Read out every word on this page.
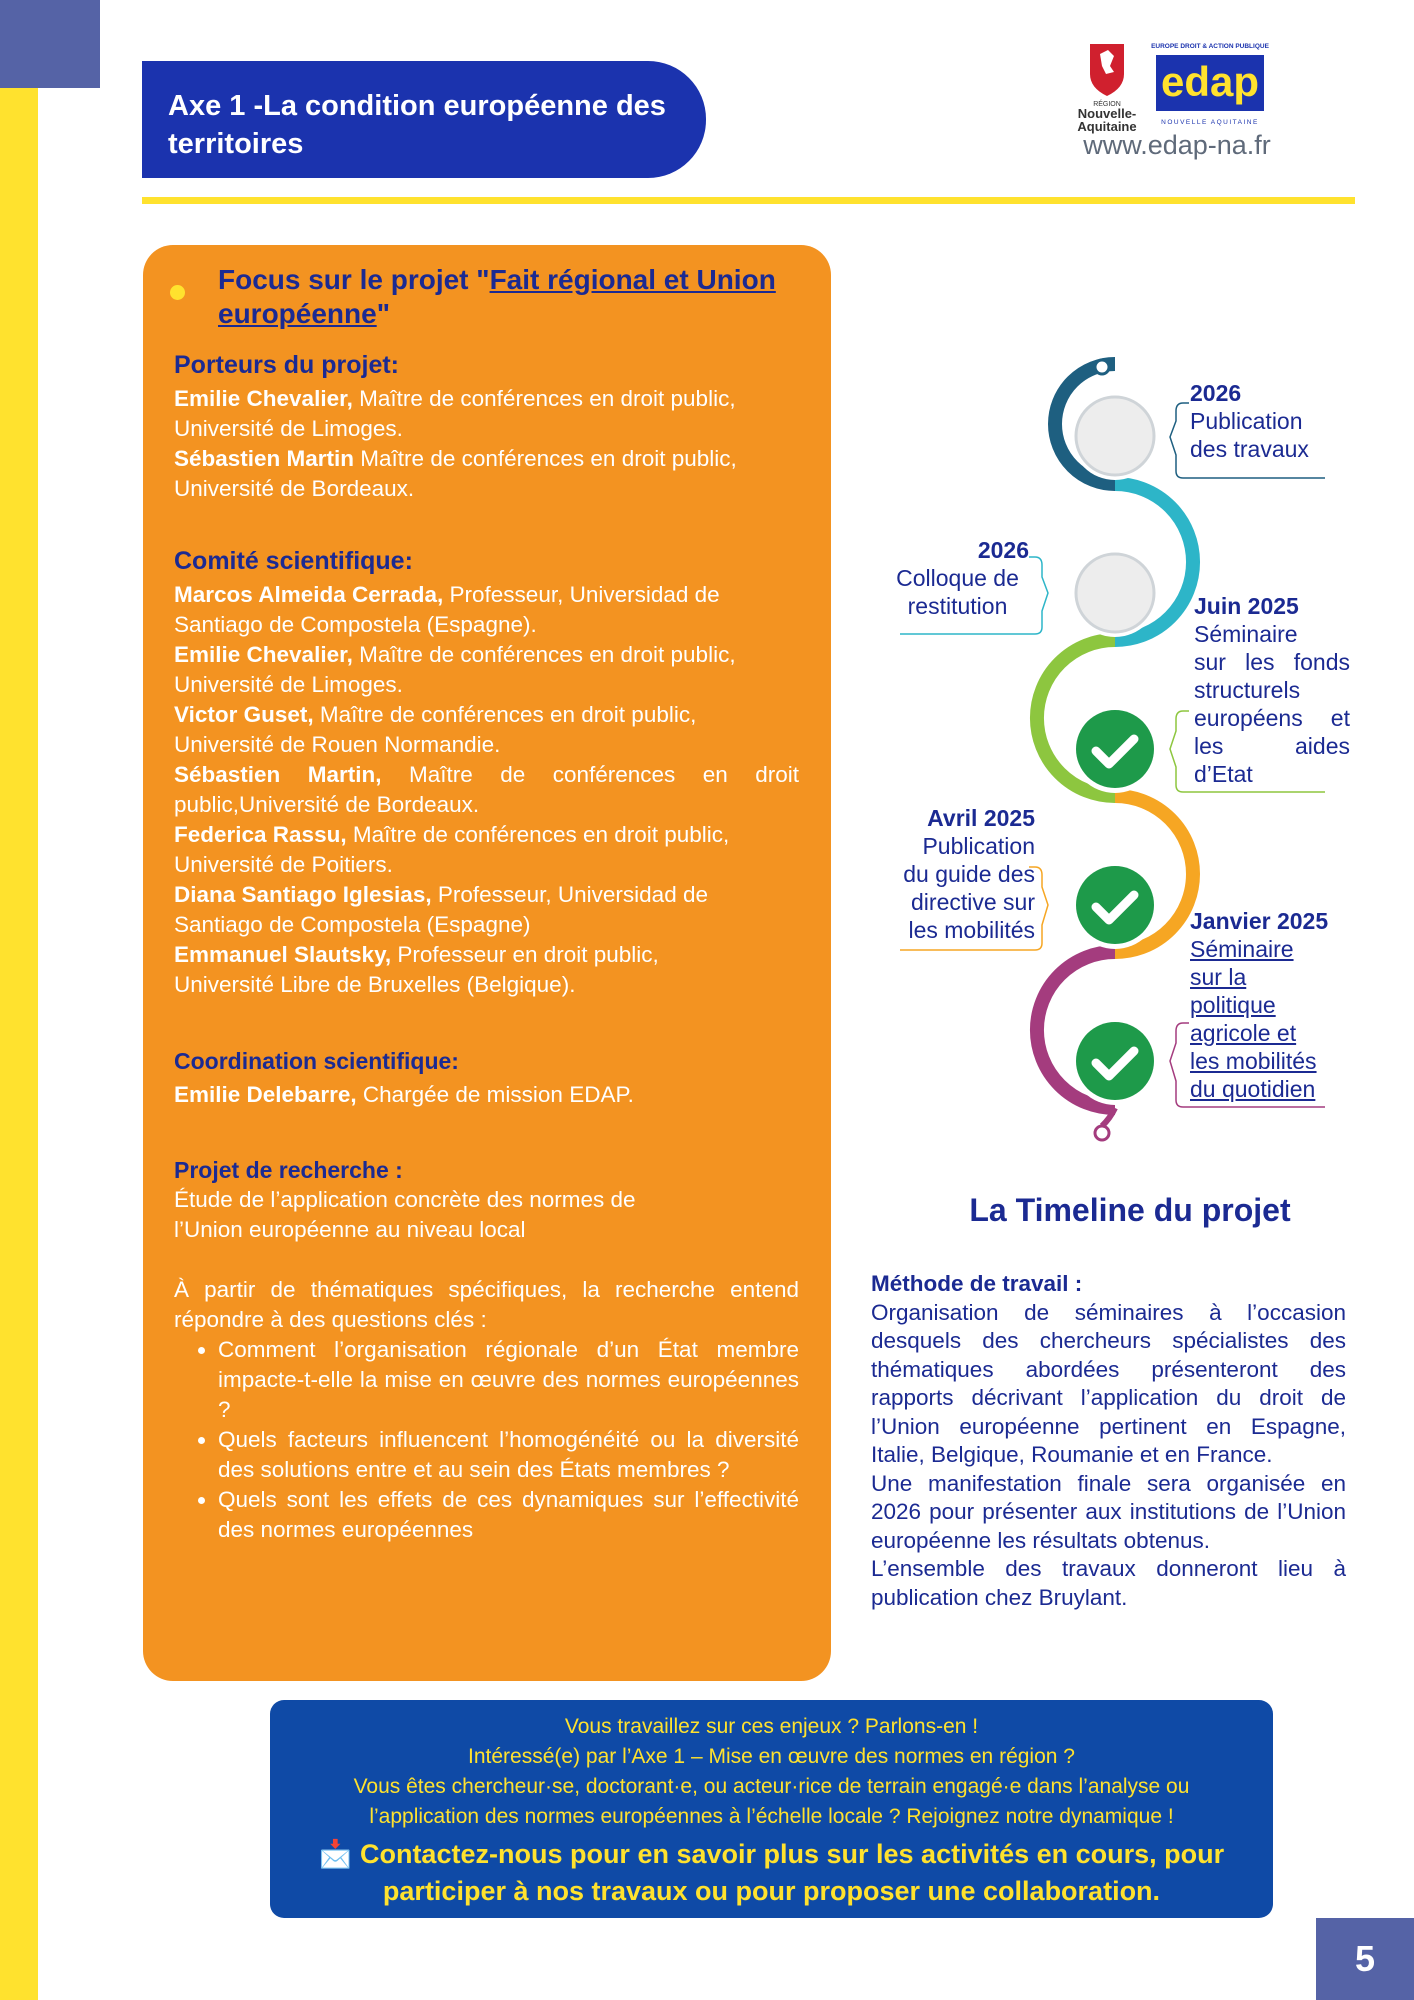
Axe 1 -La condition européenne des
territoires
RÉGION
Nouvelle-
Aquitaine
EUROPE DROIT & ACTION PUBLIQUE
edap
NOUVELLE AQUITAINE
www.edap-na.fr
Focus sur le projet "Fait régional et Union européenne"
Porteurs du projet:

Emilie Chevalier, Maître de conférences en droit public,
Université de Limoges.

Sébastien Martin Maître de conférences en droit public,
Université de Bordeaux.

Comité scientifique:

Marcos Almeida Cerrada, Professeur, Universidad de
Santiago de Compostela (Espagne).

Emilie Chevalier, Maître de conférences en droit public,
Université de Limoges.

Victor Guset, Maître de conférences en droit public,
Université de Rouen Normandie.

Sébastien Martin, Maître de conférences en droit

public,Université de Bordeaux.

Federica Rassu, Maître de conférences en droit public,
Université de Poitiers.

Diana Santiago Iglesias, Professeur, Universidad de
Santiago de Compostela (Espagne)

Emmanuel Slautsky, Professeur en droit public,
Université Libre de Bruxelles (Belgique).

Coordination scientifique:

Emilie Delebarre, Chargée de mission EDAP.

Projet de recherche :
Étude de l’application concrète des normes de
l’Union européenne au niveau local
À partir de thématiques spécifiques, la recherche entend répondre à des questions clés :
• Comment l’organisation régionale d’un État membre impacte-t-elle la mise en œuvre des normes européennes ?
• Quels facteurs influencent l’homogénéité ou la diversité des solutions entre et au sein des États membres ?
• Quels sont les effets de ces dynamiques sur l’effectivité des normes européennes
2026
Publication
des travaux
2026
Colloque de
restitution	Juin 2025
Séminaire
sur les fonds
structurels
européens et
les aides
d’Etat
Avril 2025
Publication
du guide des
directive sur
les mobilités	Janvier 2025
Séminaire
sur la
politique
agricole et
les mobilités
du quotidien
La Timeline du projet
Méthode de travail :
Organisation de séminaires à l’occasion desquels des chercheurs spécialistes des thématiques abordées présenteront des rapports décrivant l’application du droit de l’Union européenne pertinent en Espagne, Italie, Belgique, Roumanie et en France.
Une manifestation finale sera organisée en 2026 pour présenter aux institutions de l’Union européenne les résultats obtenus.
L’ensemble des travaux donneront lieu à publication chez Bruylant.
Vous travaillez sur ces enjeux ? Parlons-en !
Intéressé(e) par l’Axe 1 – Mise en œuvre des normes en région ?
Vous êtes chercheur·se, doctorant·e, ou acteur·rice de terrain engagé·e dans l’analyse ou
l’application des normes européennes à l’échelle locale ? Rejoignez notre dynamique !
📩 Contactez-nous pour en savoir plus sur les activités en cours, pour
participer à nos travaux ou pour proposer une collaboration.
5
